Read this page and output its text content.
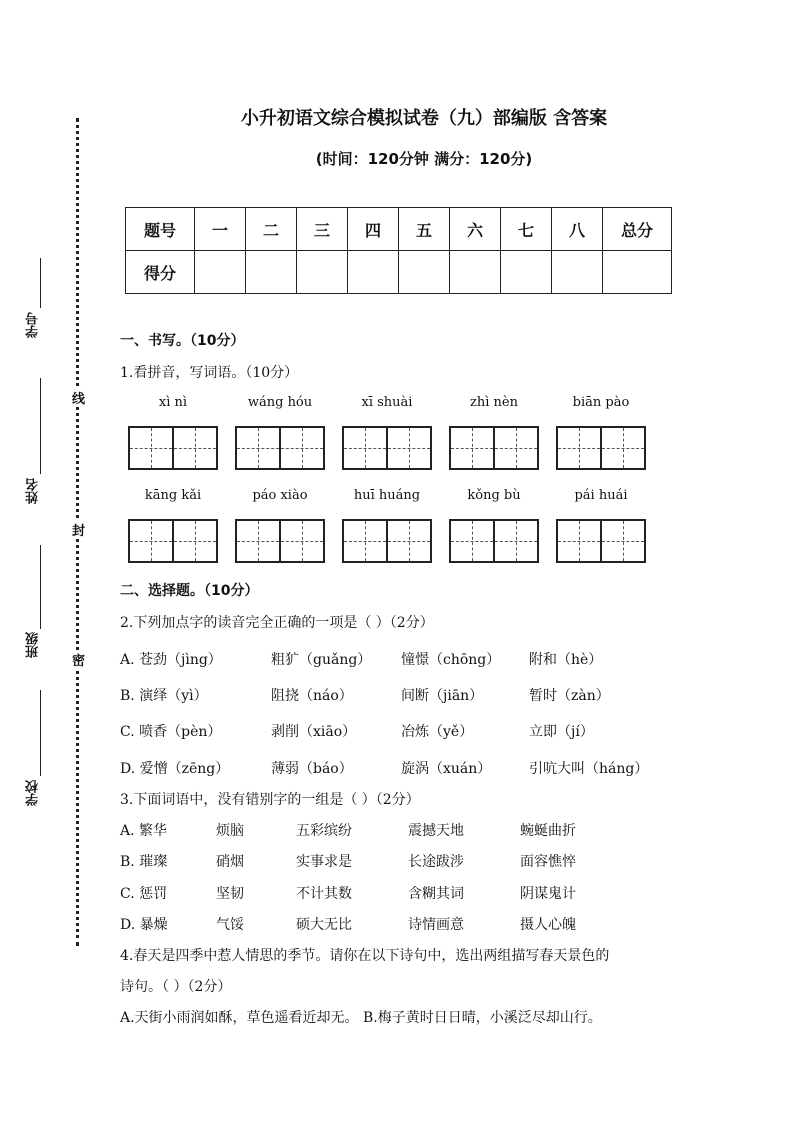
学号
姓名
班级
学校
线
封
密
小升初语文综合模拟试卷（九）部编版 含答案
(时间：120分钟 满分：120分)
题号	一	二	三	四	五	六	七	八	总分
得分									
一、书写。（10分）
1.看拼音，写词语。（10分）
xì nì	wáng hóu	xī shuài	zhì nèn	biān pào
kāng kǎi	páo xiào	huī huáng	kǒng bù	pái huái
二、选择题。（10分）
2.下列加点字的读音完全正确的一项是（ ）（2分）
A. 苍劲（jìng）	粗犷（guǎng） 憧憬（chōng） 附和（hè）
B. 演绎（yì）	阻挠（náo）	间断（jiān）	暂时（zàn）
C. 喷香（pèn）	剥削（xiāo）	冶炼（yě）	立即（jí）
D. 爱憎（zēng）	薄弱（báo）	旋涡（xuán）	引吭大叫（háng）
3.下面词语中，没有错别字的一组是（ ）（2分）
A. 繁华	烦脑	五彩缤纷	震撼天地	蜿蜒曲折
B. 璀璨	硝烟	实事求是	长途跋涉	面容憔悴
C. 惩罚	坚韧	不计其数	含糊其词	阴谋鬼计
D. 暴燥	气馁	硕大无比	诗情画意	摄人心魄
4.春天是四季中惹人情思的季节。请你在以下诗句中，选出两组描写春天景色的
诗句。（ ）（2分）
A.天街小雨润如酥，草色遥看近却无。 B.梅子黄时日日晴，小溪泛尽却山行。
